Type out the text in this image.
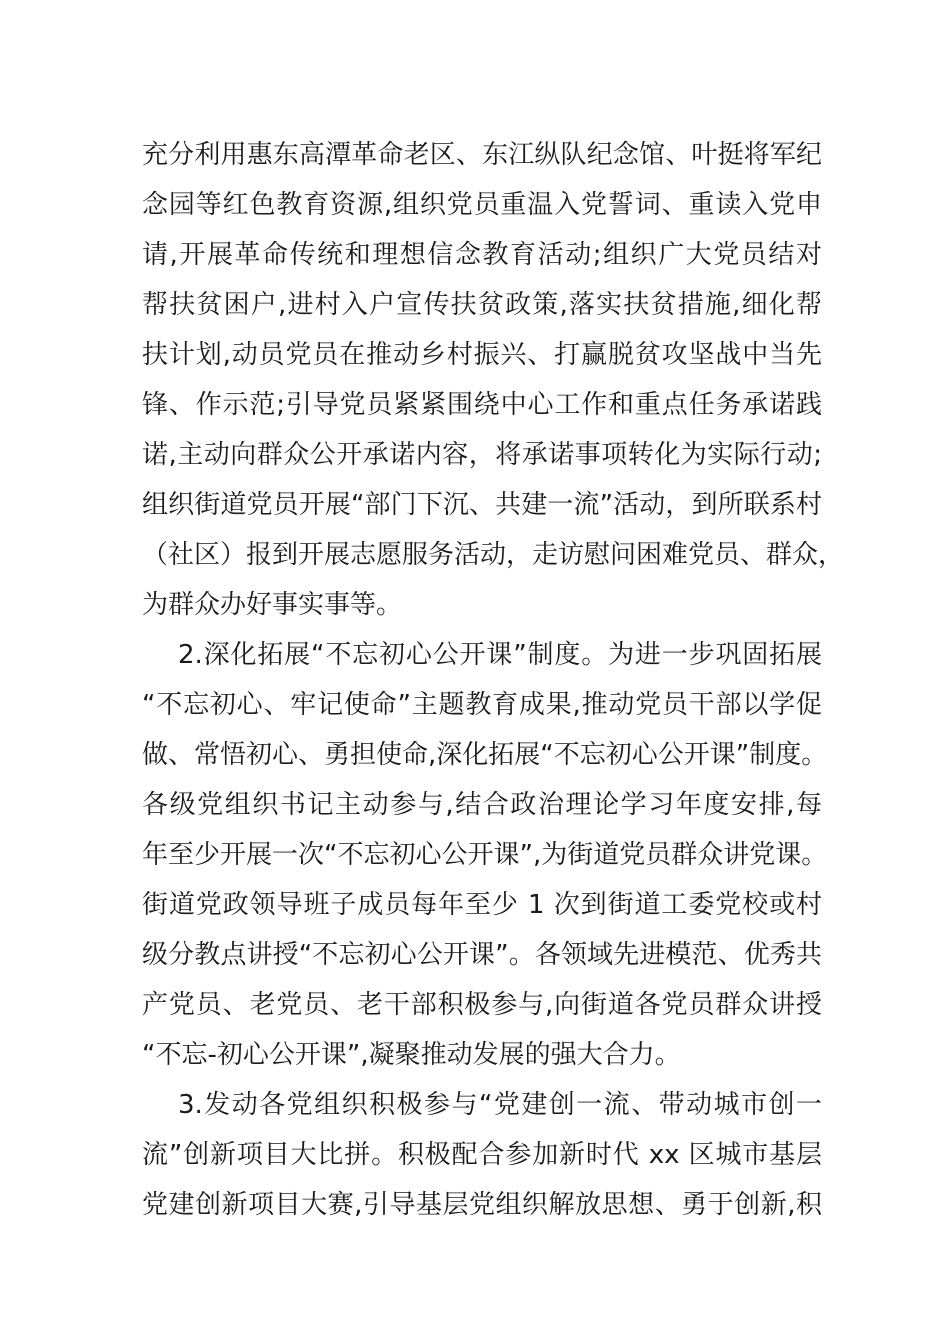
充分利用惠东高潭革命老区、东江纵队纪念馆、叶挺将军纪
念园等红色教育资源,组织党员重温入党誓词、重读入党申
请,开展革命传统和理想信念教育活动;组织广大党员结对
帮扶贫困户,进村入户宣传扶贫政策,落实扶贫措施,细化帮
扶计划,动员党员在推动乡村振兴、打赢脱贫攻坚战中当先
锋、作示范;引导党员紧紧围绕中心工作和重点任务承诺践
诺,主动向群众公开承诺内容，将承诺事项转化为实际行动;
组织街道党员开展“部门下沉、共建一流”活动，到所联系村
（社区）报到开展志愿服务活动，走访慰问困难党员、群众，
为群众办好事实事等。
2.深化拓展“不忘初心公开课”制度。为进一步巩固拓展
“不忘初心、牢记使命”主题教育成果,推动党员干部以学促
做、常悟初心、勇担使命,深化拓展“不忘初心公开课”制度。
各级党组织书记主动参与,结合政治理论学习年度安排,每
年至少开展一次“不忘初心公开课”,为街道党员群众讲党课。
街道党政领导班子成员每年至少 1 次到街道工委党校或村
级分教点讲授“不忘初心公开课”。各领域先进模范、优秀共
产党员、老党员、老干部积极参与,向街道各党员群众讲授
“不忘-初心公开课”,凝聚推动发展的强大合力。
3.发动各党组织积极参与“党建创一流、带动城市创一
流”创新项目大比拼。积极配合参加新时代 xx 区城市基层
党建创新项目大赛,引导基层党组织解放思想、勇于创新,积
